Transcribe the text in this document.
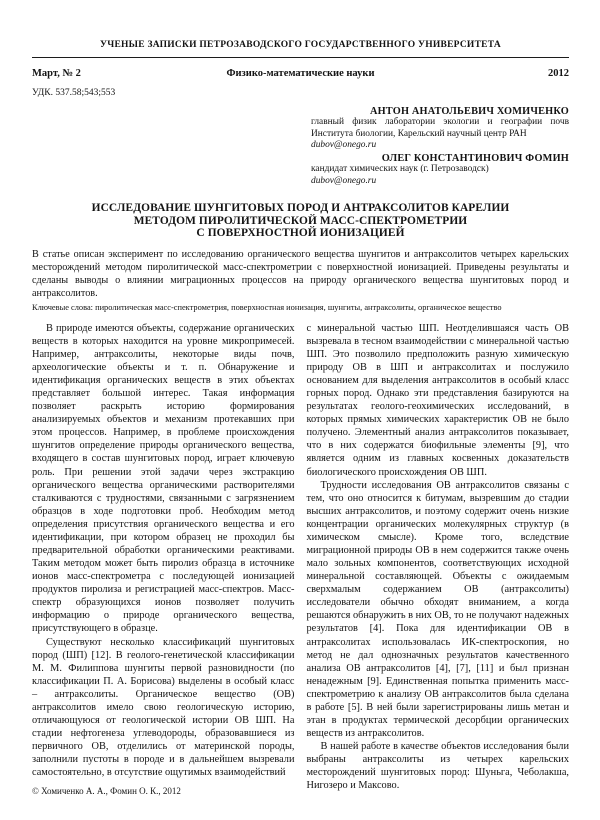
УЧЕНЫЕ ЗАПИСКИ ПЕТРОЗАВОДСКОГО ГОСУДАРСТВЕННОГО УНИВЕРСИТЕТА
Март, № 2	Физико-математические науки	2012
УДК. 537.58;543;553
АНТОН АНАТОЛЬЕВИЧ ХОМИЧЕНКО
главный физик лаборатории экологии и географии почв Института биологии, Карельский научный центр РАН
dubov@onego.ru
ОЛЕГ КОНСТАНТИНОВИЧ ФОМИН
кандидат химических наук (г. Петрозаводск)
dubov@onego.ru
ИССЛЕДОВАНИЕ ШУНГИТОВЫХ ПОРОД И АНТРАКСОЛИТОВ КАРЕЛИИ
МЕТОДОМ ПИРОЛИТИЧЕСКОЙ МАСС-СПЕКТРОМЕТРИИ
С ПОВЕРХНОСТНОЙ ИОНИЗАЦИЕЙ

В статье описан эксперимент по исследованию органического вещества шунгитов и антраксолитов четырех карельских месторождений методом пиролитической масс-спектрометрии с поверхностной ионизацией. Приведены результаты и сделаны выводы о влиянии миграционных процессов на природу органического вещества шунгитовых пород и антраксолитов.

Ключевые слова: пиролитическая масс-спектрометрия, поверхностная ионизация, шунгиты, антраксолиты, органическое вещество

В природе имеются объекты, содержание органических веществ в которых находится на уровне микропримесей. Например, антраксолиты, некоторые виды почв, археологические объекты и т. п. Обнаружение и идентификация органических веществ в этих объектах представляет большой интерес. Такая информация позволяет раскрыть историю формирования анализируемых объектов и механизм протекавших при этом процессов. Например, в проблеме происхождения шунгитов определение природы органического вещества, входящего в состав шунгитовых пород, играет ключевую роль. При решении этой задачи через экстракцию органического вещества органическими растворителями сталкиваются с трудностями, связанными с загрязнением образцов в ходе подготовки проб. Необходим метод определения присутствия органического вещества и его идентификации, при котором образец не проходил бы предварительной обработки органическими реактивами. Таким методом может быть пиролиз образца в источнике ионов масс-спектрометра с последующей ионизацией продуктов пиролиза и регистрацией масс-спектров. Масс-спектр образующихся ионов позволяет получить информацию о природе органического вещества, присутствующего в образце.

Существуют несколько классификаций шунгитовых пород (ШП) [12]. В геолого-генетической классификации М. М. Филиппова шунгиты первой разновидности (по классификации П. А. Борисова) выделены в особый класс – антраксолиты. Органическое вещество (ОВ) антраксолитов имело свою геологическую историю, отличающуюся от геологической истории ОВ ШП. На стадии нефтогенеза углеводороды, образовавшиеся из первичного ОВ, отделились от материнской породы, заполнили пустоты в породе и в дальнейшем вызревали самостоятельно, в отсутствие ощутимых взаимодействий

© Хомиченко А. А., Фомин О. К., 2012

с минеральной частью ШП. Неотделившаяся часть ОВ вызревала в тесном взаимодействии с минеральной частью ШП. Это позволило предположить разную химическую природу ОВ в ШП и антраксолитах и послужило основанием для выделения антраксолитов в особый класс горных пород. Однако эти представления базируются на результатах геолого-геохимических исследований, в которых прямых химических характеристик ОВ не было получено. Элементный анализ антраксолитов показывает, что в них содержатся биофильные элементы [9], что является одним из главных косвенных доказательств биологического происхождения ОВ ШП.

Трудности исследования ОВ антраксолитов связаны с тем, что оно относится к битумам, вызревшим до стадии высших антраксолитов, и поэтому содержит очень низкие концентрации органических молекулярных структур (в химическом смысле). Кроме того, вследствие миграционной природы ОВ в нем содержится также очень мало зольных компонентов, соответствующих исходной минеральной составляющей. Объекты с ожидаемым сверхмалым содержанием ОВ (антраксолиты) исследователи обычно обходят вниманием, а когда решаются обнаружить в них ОВ, то не получают надежных результатов [4]. Пока для идентификации ОВ в антраксолитах использовалась ИК-спектроскопия, но метод не дал однозначных результатов качественного анализа ОВ антраксолитов [4], [7], [11] и был признан ненадежным [9]. Единственная попытка применить масс-спектрометрию к анализу ОВ антраксолитов была сделана в работе [5]. В ней были зарегистрированы лишь метан и этан в продуктах термической десорбции органических веществ из антраксолитов.

В нашей работе в качестве объектов исследования были выбраны антраксолиты из четырех карельских месторождений шунгитовых пород: Шуньга, Чеболакша, Нигозеро и Максово.
